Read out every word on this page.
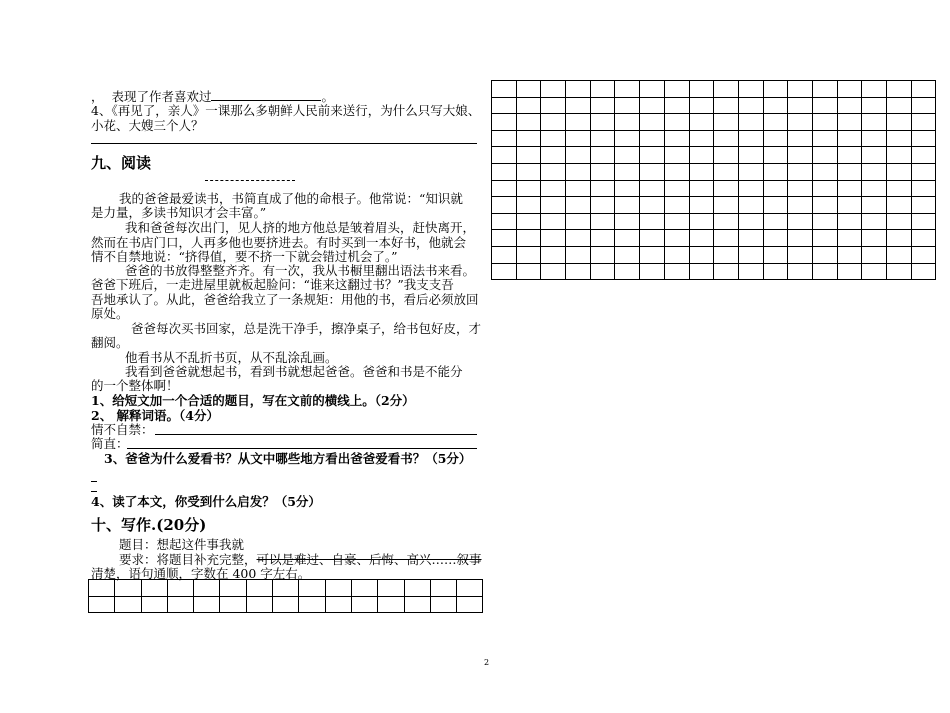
， 表现了作者喜欢过	。
4、《再见了，亲人》一课那么多朝鲜人民前来送行，为什么只写大娘、
小花、大嫂三个人？
九、阅读
我的爸爸最爱读书，书简直成了他的命根子。他常说：“知识就
是力量，多读书知识才会丰富。”
我和爸爸每次出门，见人挤的地方他总是皱着眉头，赶快离开，
然而在书店门口，人再多他也要挤进去。有时买到一本好书，他就会
情不自禁地说：“挤得值，要不挤一下就会错过机会了。”
爸爸的书放得整整齐齐。有一次，我从书橱里翻出语法书来看。
爸爸下班后，一走进屋里就板起脸问：“谁来这翻过书？”我支支吾
吾地承认了。从此，爸爸给我立了一条规矩：用他的书，看后必须放回
原处。
爸爸每次买书回家，总是洗干净手，擦净桌子，给书包好皮，才
翻阅。
他看书从不乱折书页，从不乱涂乱画。
我看到爸爸就想起书，看到书就想起爸爸。爸爸和书是不能分
的一个整体啊！
1、给短文加一个合适的题目，写在文前的横线上。（2分）
2、 解释词语。（4分）
情不自禁：
简直：
3、爸爸为什么爱看书？从文中哪些地方看出爸爸爱看书？（5分）
4、读了本文，你受到什么启发？（5分）
十、写作.(20分)
题目：想起这件事我就
要求：将题目补充完整，可以是难过、自豪、后悔、高兴……叙事
清楚，语句通顺，字数在 400 字左右。

2
